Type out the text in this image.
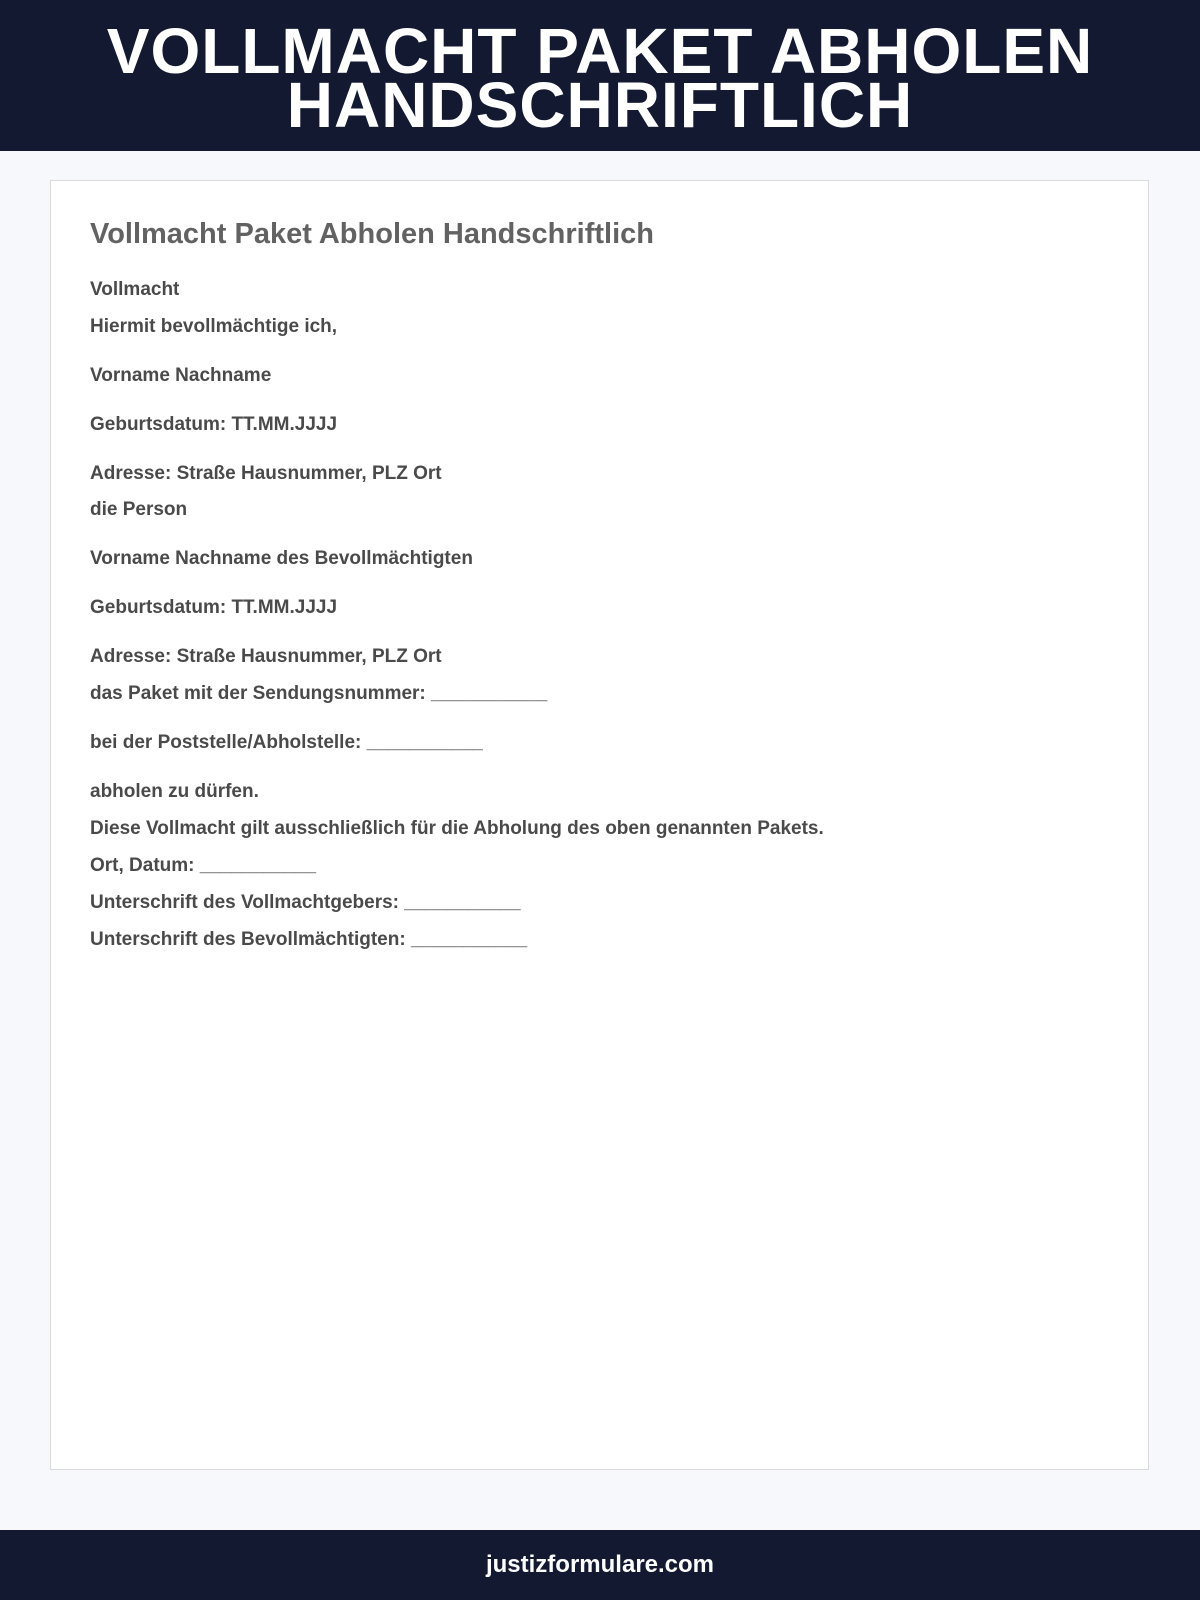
VOLLMACHT PAKET ABHOLEN HANDSCHRIFTLICH
Vollmacht Paket Abholen Handschriftlich

Vollmacht

Hiermit bevollmächtige ich,

Vorname Nachname

Geburtsdatum: TT.MM.JJJJ

Adresse: Straße Hausnummer, PLZ Ort

die Person

Vorname Nachname des Bevollmächtigten

Geburtsdatum: TT.MM.JJJJ

Adresse: Straße Hausnummer, PLZ Ort

das Paket mit der Sendungsnummer: ___________

bei der Poststelle/Abholstelle: ___________

abholen zu dürfen.

Diese Vollmacht gilt ausschließlich für die Abholung des oben genannten Pakets.

Ort, Datum: ___________

Unterschrift des Vollmachtgebers: ___________

Unterschrift des Bevollmächtigten: ___________

justizformulare.com
